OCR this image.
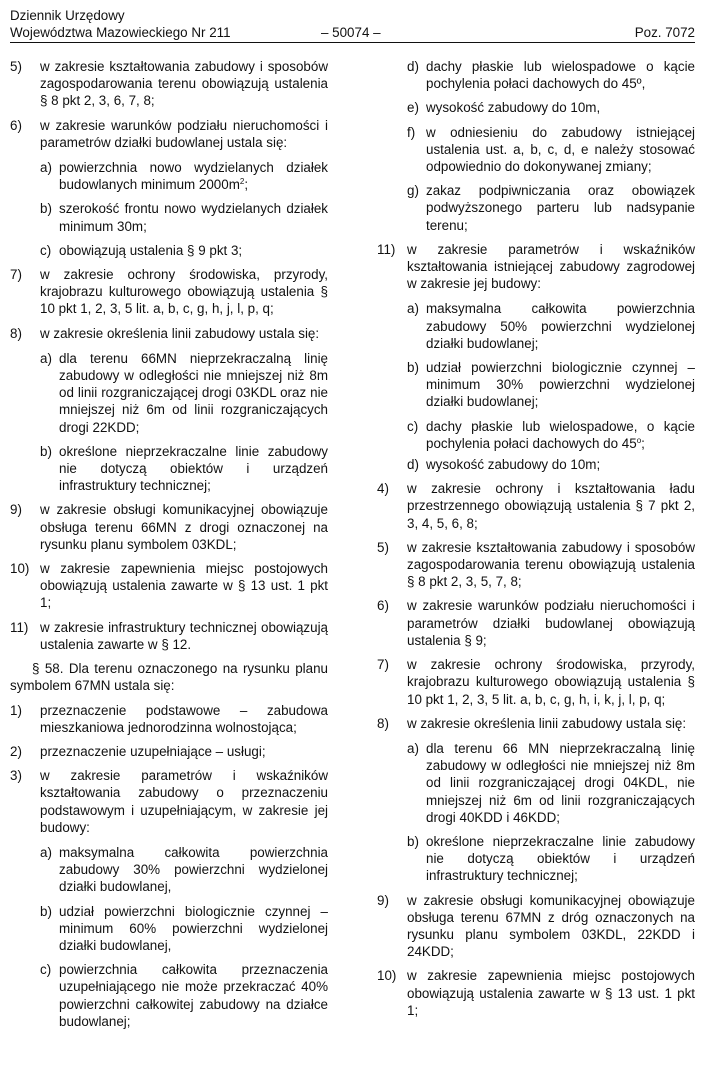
Dziennik Urzędowy
Województwa Mazowieckiego Nr 211	– 50074 –	Poz. 7072
5) w zakresie kształtowania zabudowy i sposobów zagospodarowania terenu obowiązują ustalenia § 8 pkt 2, 3, 6, 7, 8;
6) w zakresie warunków podziału nieruchomości i parametrów działki budowlanej ustala się:
a) powierzchnia nowo wydzielanych działek budowlanych minimum $2000m^2$;
b) szerokość frontu nowo wydzielanych działek minimum 30m;
c) obowiązują ustalenia § 9 pkt 3;
7) w zakresie ochrony środowiska, przyrody, krajobrazu kulturowego obowiązują ustalenia § 10 pkt 1, 2, 3, 5 lit. a, b, c, g, h, j, l, p, q;
8) w zakresie określenia linii zabudowy ustala się:
a) dla terenu 66MN nieprzekraczalną linię zabudowy w odległości nie mniejszej niż 8m od linii rozgraniczającej drogi 03KDL oraz nie mniejszej niż 6m od linii rozgraniczających drogi 22KDD;
b) określone nieprzekraczalne linie zabudowy nie dotyczą obiektów i urządzeń infrastruktury technicznej;
9) w zakresie obsługi komunikacyjnej obowiązuje obsługa terenu 66MN z drogi oznaczonej na rysunku planu symbolem 03KDL;
10) w zakresie zapewnienia miejsc postojowych obowiązują ustalenia zawarte w § 13 ust. 1 pkt 1;
11) w zakresie infrastruktury technicznej obowiązują ustalenia zawarte w § 12.
§ 58. Dla terenu oznaczonego na rysunku planu symbolem 67MN ustala się:
1) przeznaczenie podstawowe – zabudowa mieszkaniowa jednorodzinna wolnostojąca;
2) przeznaczenie uzupełniające – usługi;
3) w zakresie parametrów i wskaźników kształtowania zabudowy o przeznaczeniu podstawowym i uzupełniającym, w zakresie jej budowy:
a) maksymalna całkowita powierzchnia zabudowy 30% powierzchni wydzielonej działki budowlanej,
b) udział powierzchni biologicznie czynnej – minimum 60% powierzchni wydzielonej działki budowlanej,
c) powierzchnia całkowita przeznaczenia uzupełniającego nie może przekraczać 40% powierzchni całkowitej zabudowy na działce budowlanej;
d) dachy płaskie lub wielospadowe o kącie pochylenia połaci dachowych do 45º,
e) wysokość zabudowy do 10m,
f) w odniesieniu do zabudowy istniejącej ustalenia ust. a, b, c, d, e należy stosować odpowiednio do dokonywanej zmiany;
g) zakaz podpiwniczania oraz obowiązek podwyższonego parteru lub nadsypanie terenu;
11) w zakresie parametrów i wskaźników kształtowania istniejącej zabudowy zagrodowej w zakresie jej budowy:
a) maksymalna całkowita powierzchnia zabudowy 50% powierzchni wydzielonej działki budowlanej;
b) udział powierzchni biologicznie czynnej – minimum 30% powierzchni wydzielonej działki budowlanej;
c) dachy płaskie lub wielospadowe, o kącie pochylenia połaci dachowych do 45$^o$;
d) wysokość zabudowy do 10m;
4) w zakresie ochrony i kształtowania ładu przestrzennego obowiązują ustalenia § 7 pkt 2, 3, 4, 5, 6, 8;
5) w zakresie kształtowania zabudowy i sposobów zagospodarowania terenu obowiązują ustalenia § 8 pkt 2, 3, 5, 7, 8;
6) w zakresie warunków podziału nieruchomości i parametrów działki budowlanej obowiązują ustalenia § 9;
7) w zakresie ochrony środowiska, przyrody, krajobrazu kulturowego obowiązują ustalenia § 10 pkt 1, 2, 3, 5 lit. a, b, c, g, h, i, k, j, l, p, q;
8) w zakresie określenia linii zabudowy ustala się:
a) dla terenu 66 MN nieprzekraczalną linię zabudowy w odległości nie mniejszej niż 8m od linii rozgraniczającej drogi 04KDL, nie mniejszej niż 6m od linii rozgraniczających drogi 40KDD i 46KDD;
b) określone nieprzekraczalne linie zabudowy nie dotyczą obiektów i urządzeń infrastruktury technicznej;
9) w zakresie obsługi komunikacyjnej obowiązuje obsługa terenu 67MN z dróg oznaczonych na rysunku planu symbolem 03KDL, 22KDD i 24KDD;
10) w zakresie zapewnienia miejsc postojowych obowiązują ustalenia zawarte w § 13 ust. 1 pkt 1;
